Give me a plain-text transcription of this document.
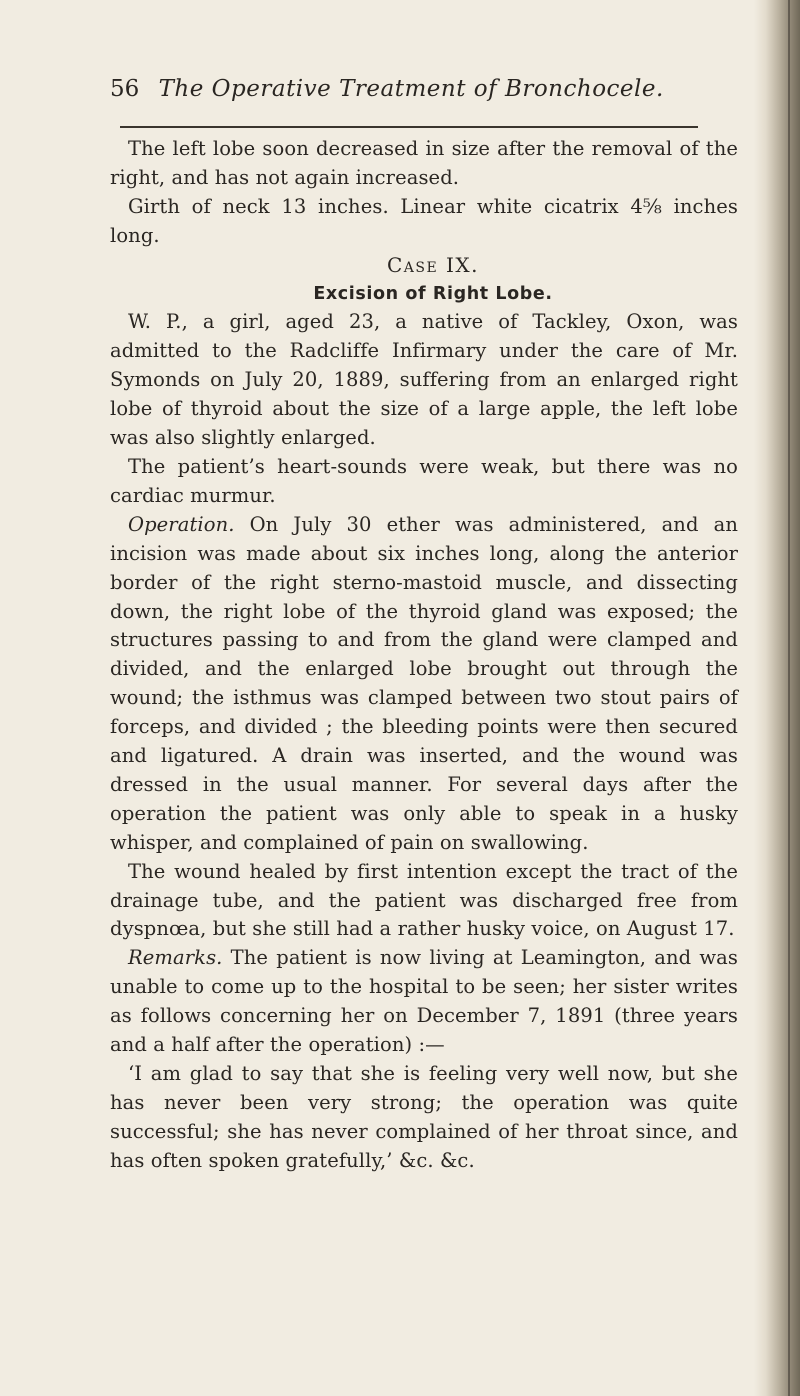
56 The Operative Treatment of Bronchocele.

The left lobe soon decreased in size after the removal of the right, and has not again increased.

Girth of neck 13 inches. Linear white cicatrix 4⅝ inches long.

Case IX.

Excision of Right Lobe.

W. P., a girl, aged 23, a native of Tackley, Oxon, was admitted to the Radcliffe Infirmary under the care of Mr. Symonds on July 20, 1889, suffering from an enlarged right lobe of thyroid about the size of a large apple, the left lobe was also slightly enlarged.

The patient’s heart-sounds were weak, but there was no cardiac murmur.

Operation. On July 30 ether was administered, and an incision was made about six inches long, along the anterior border of the right sterno-mastoid muscle, and dissecting down, the right lobe of the thyroid gland was exposed; the structures passing to and from the gland were clamped and divided, and the enlarged lobe brought out through the wound; the isthmus was clamped between two stout pairs of forceps, and divided ; the bleeding points were then secured and ligatured. A drain was inserted, and the wound was dressed in the usual manner. For several days after the operation the patient was only able to speak in a husky whisper, and complained of pain on swallowing.

The wound healed by first intention except the tract of the drainage tube, and the patient was discharged free from dyspnœa, but she still had a rather husky voice, on August 17.

Remarks. The patient is now living at Leamington, and was unable to come up to the hospital to be seen; her sister writes as follows concerning her on December 7, 1891 (three years and a half after the operation) :—

‘I am glad to say that she is feeling very well now, but she has never been very strong; the operation was quite successful; she has never complained of her throat since, and has often spoken gratefully,’ &c. &c.
